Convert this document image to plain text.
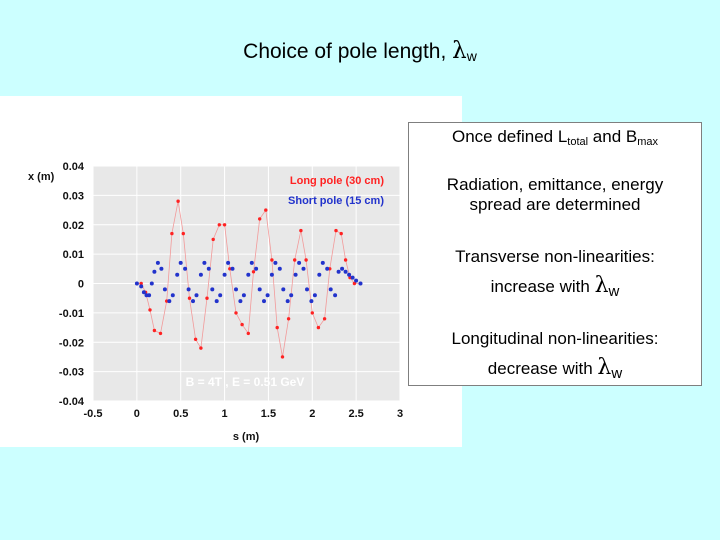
Choice of pole length, $\lambda_w$
-0.5	0	0.5	1	1.5	2	2.5	3
0.04
0.03
0.02
0.01
0
-0.01
-0.02
-0.03
-0.04
x (m)
s (m)
Long pole (30 cm)
Short pole (15 cm)
B = 4T , E = 0.51 GeV
Once defined $L_{total}$ and $B_{max}$
Radiation, emittance, energy
spread are determined
Transverse non-linearities:
increase with λw
Longitudinal non-linearities:
decrease with λw
